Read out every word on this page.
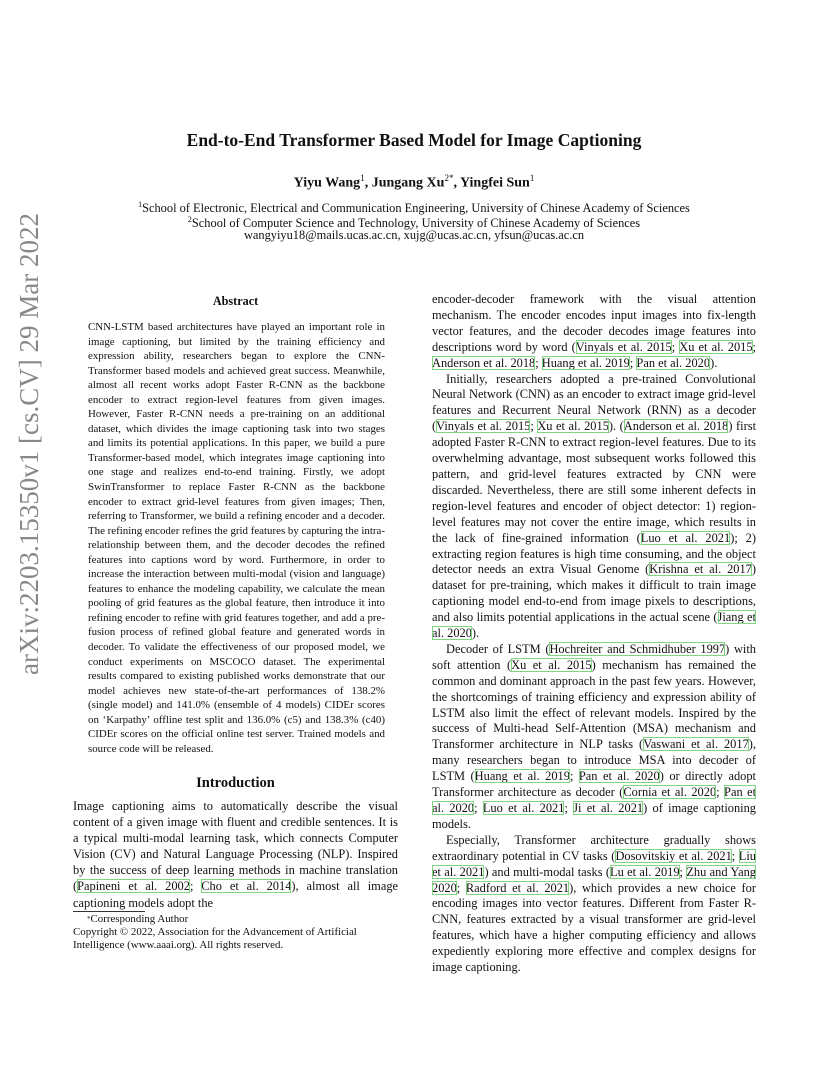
End-to-End Transformer Based Model for Image Captioning
Yiyu Wang$^1$, Jungang $Xu^{2*}$, Yingfei Sun$^1$
$^1$School of Electronic, Electrical and Communication Engineering, University of Chinese Academy of Sciences
$^2$School of Computer Science and Technology, University of Chinese Academy of Sciences
wangyiyu18@mails.ucas.ac.cn, xujg@ucas.ac.cn, yfsun@ucas.ac.cn
arXiv:2203.15350v1 [cs.CV] 29 Mar 2022	Abstract
CNN-LSTM based architectures have played an important role in image captioning, but limited by the training efficiency and expression ability, researchers began to explore the CNN-Transformer based models and achieved great success. Meanwhile, almost all recent works adopt Faster R-CNN as the backbone encoder to extract region-level features from given images. However, Faster R-CNN needs a pre-training on an additional dataset, which divides the image captioning task into two stages and limits its potential applications. In this paper, we build a pure Transformer-based model, which integrates image captioning into one stage and realizes end-to-end training. Firstly, we adopt SwinTransformer to replace Faster R-CNN as the backbone encoder to extract grid-level features from given images; Then, referring to Transformer, we build a refining encoder and a decoder. The refining encoder refines the grid features by capturing the intra-relationship between them, and the decoder decodes the refined features into captions word by word. Furthermore, in order to increase the interaction between multi-modal (vision and language) features to enhance the modeling capability, we calculate the mean pooling of grid features as the global feature, then introduce it into refining encoder to refine with grid features together, and add a pre-fusion process of refined global feature and generated words in decoder. To validate the effectiveness of our proposed model, we conduct experiments on MSCOCO dataset. The experimental results compared to existing published works demonstrate that our model achieves new state-of-the-art performances of 138.2% (single model) and 141.0% (ensemble of 4 models) CIDEr scores on ‘Karpathy’ offline test split and 136.0% (c5) and 138.3% (c40) CIDEr scores on the official online test server. Trained models and source code will be released.
Introduction
Image captioning aims to automatically describe the visual content of a given image with fluent and credible sentences. It is a typical multi-modal learning task, which connects Computer Vision (CV) and Natural Language Processing (NLP). Inspired by the success of deep learning methods in machine translation (Papineni et al. 2002; Cho et al. 2014), almost all image captioning models adopt the
*Corresponding Author
Copyright © 2022, Association for the Advancement of Artificial Intelligence (www.aaai.org). All rights reserved.

encoder-decoder framework with the visual attention mechanism. The encoder encodes input images into fix-length vector features, and the decoder decodes image features into descriptions word by word (Vinyals et al. 2015; Xu et al. 2015; Anderson et al. 2018; Huang et al. 2019; Pan et al. 2020).

Initially, researchers adopted a pre-trained Convolutional Neural Network (CNN) as an encoder to extract image grid-level features and Recurrent Neural Network (RNN) as a decoder (Vinyals et al. 2015; Xu et al. 2015). (Anderson et al. 2018) first adopted Faster R-CNN to extract region-level features. Due to its overwhelming advantage, most subsequent works followed this pattern, and grid-level features extracted by CNN were discarded. Nevertheless, there are still some inherent defects in region-level features and encoder of object detector: 1) region-level features may not cover the entire image, which results in the lack of fine-grained information (Luo et al. 2021); 2) extracting region features is high time consuming, and the object detector needs an extra Visual Genome (Krishna et al. 2017) dataset for pre-training, which makes it difficult to train image captioning model end-to-end from image pixels to descriptions, and also limits potential applications in the actual scene (Jiang et al. 2020).

Decoder of LSTM (Hochreiter and Schmidhuber 1997) with soft attention (Xu et al. 2015) mechanism has remained the common and dominant approach in the past few years. However, the shortcomings of training efficiency and expression ability of LSTM also limit the effect of relevant models. Inspired by the success of Multi-head Self-Attention (MSA) mechanism and Transformer architecture in NLP tasks (Vaswani et al. 2017), many researchers began to introduce MSA into decoder of LSTM (Huang et al. 2019; Pan et al. 2020) or directly adopt Transformer architecture as decoder (Cornia et al. 2020; Pan et al. 2020; Luo et al. 2021; Ji et al. 2021) of image captioning models.

Especially, Transformer architecture gradually shows extraordinary potential in CV tasks (Dosovitskiy et al. 2021; Liu et al. 2021) and multi-modal tasks (Lu et al. 2019; Zhu and Yang 2020; Radford et al. 2021), which provides a new choice for encoding images into vector features. Different from Faster R-CNN, features extracted by a visual transformer are grid-level features, which have a higher computing efficiency and allows expediently exploring more effective and complex designs for image captioning.
